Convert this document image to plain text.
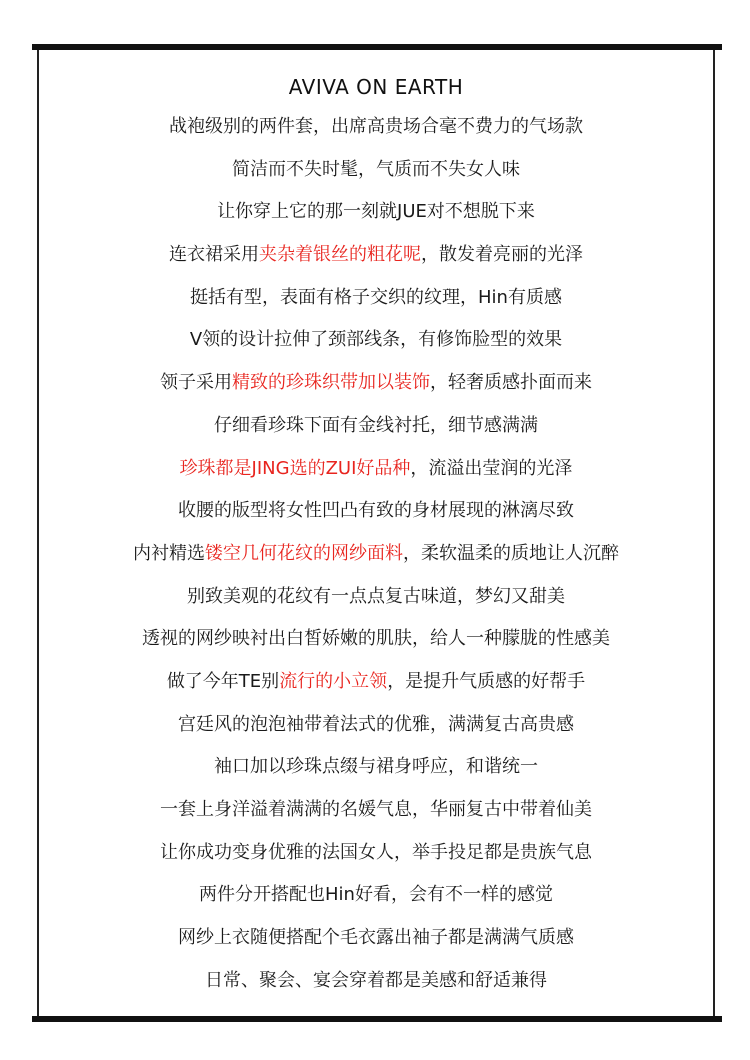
AVIVA ON EARTH
战袍级别的两件套，出席高贵场合毫不费力的气场款
简洁而不失时髦，气质而不失女人味
让你穿上它的那一刻就JUE对不想脱下来
连衣裙采用夹杂着银丝的粗花呢，散发着亮丽的光泽
挺括有型，表面有格子交织的纹理，Hin有质感
V领的设计拉伸了颈部线条，有修饰脸型的效果
领子采用精致的珍珠织带加以装饰，轻奢质感扑面而来
仔细看珍珠下面有金线衬托，细节感满满
珍珠都是JING选的ZUI好品种，流溢出莹润的光泽
收腰的版型将女性凹凸有致的身材展现的淋漓尽致
内衬精选镂空几何花纹的网纱面料，柔软温柔的质地让人沉醉
别致美观的花纹有一点点复古味道，梦幻又甜美
透视的网纱映衬出白皙娇嫩的肌肤，给人一种朦胧的性感美
做了今年TE别流行的小立领，是提升气质感的好帮手
宫廷风的泡泡袖带着法式的优雅，满满复古高贵感
袖口加以珍珠点缀与裙身呼应，和谐统一
一套上身洋溢着满满的名媛气息，华丽复古中带着仙美
让你成功变身优雅的法国女人，举手投足都是贵族气息
两件分开搭配也Hin好看，会有不一样的感觉
网纱上衣随便搭配个毛衣露出袖子都是满满气质感
日常、聚会、宴会穿着都是美感和舒适兼得
